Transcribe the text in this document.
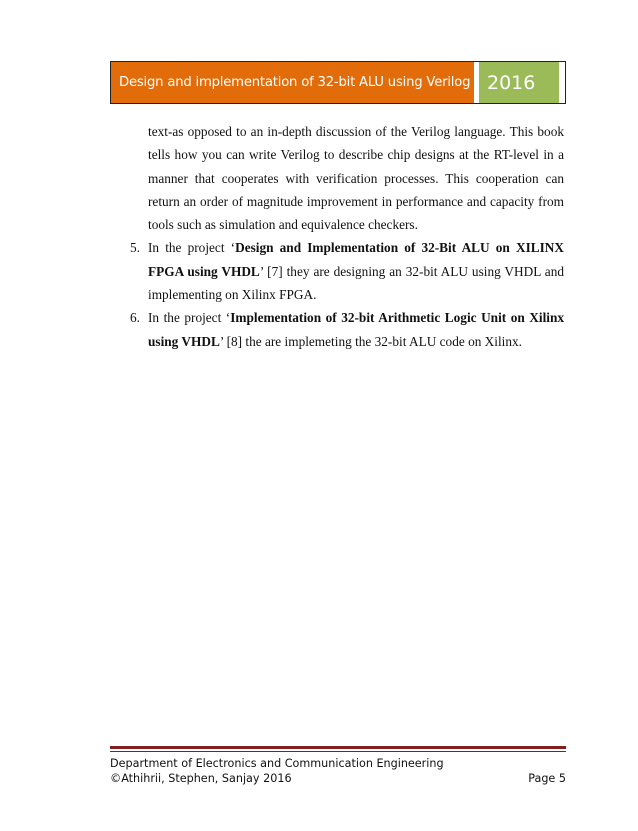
Design and implementation of 32-bit ALU using Verilog 2016

text-as opposed to an in-depth discussion of the Verilog language. This book tells how you can write Verilog to describe chip designs at the RT-level in a manner that cooperates with verification processes. This cooperation can return an order of magnitude improvement in performance and capacity from tools such as simulation and equivalence checkers.

5. In the project ‘Design and Implementation of 32-Bit ALU on XILINX FPGA using VHDL’ [7] they are designing an 32-bit ALU using VHDL and implementing on Xilinx FPGA.

6. In the project ‘Implementation of 32-bit Arithmetic Logic Unit on Xilinx using VHDL’ [8] the are implemeting the 32-bit ALU code on Xilinx.

Department of Electronics and Communication Engineering
©Athihrii, Stephen, Sanjay 2016	Page 5
